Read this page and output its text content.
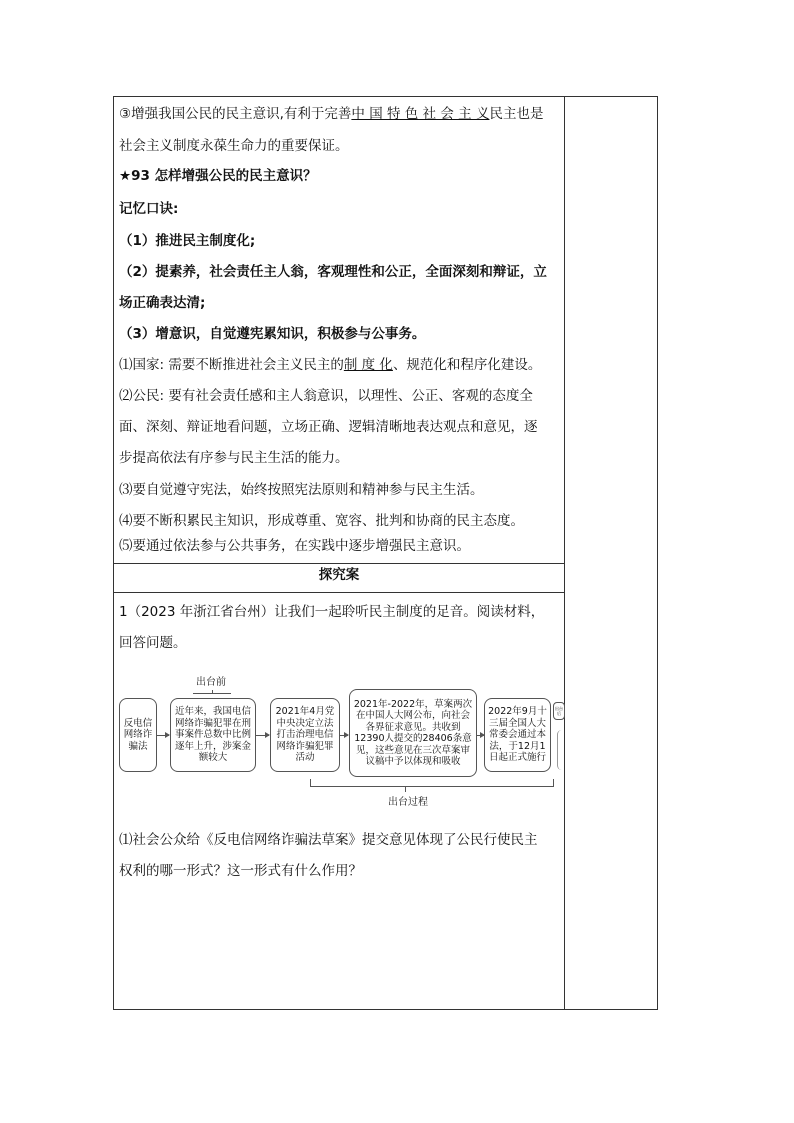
③增强我国公民的民主意识,有利于完善中 国 特 色 社 会 主 义民主也是
社会主义制度永葆生命力的重要保证。
★93 怎样增强公民的民主意识？
记忆口诀:
（1）推进民主制度化;
（2）提素养，社会责任主人翁，客观理性和公正，全面深刻和辩证，立
场正确表达清;
（3）增意识，自觉遵宪累知识，积极参与公事务。
⑴国家: 需要不断推进社会主义民主的制 度 化、规范化和程序化建设。
⑵公民: 要有社会责任感和主人翁意识，以理性、公正、客观的态度全
面、深刻、辩证地看问题，立场正确、逻辑清晰地表达观点和意见，逐
步提高依法有序参与民主生活的能力。
⑶要自觉遵守宪法，始终按照宪法原则和精神参与民主生活。
⑷要不断积累民主知识，形成尊重、宽容、批判和协商的民主态度。
⑸要通过依法参与公共事务，在实践中逐步增强民主意识。
探究案
1（2023 年浙江省台州）让我们一起聆听民主制度的足音。阅读材料，
回答问题。
出台前
反电信网络诈骗法
近年来，我国电信网络诈骗犯罪在刑事案件总数中比例逐年上升，涉案金额较大
2021年4月党中央决定立法打击治理电信网络诈骗犯罪活动
2021年-2022年，草案两次在中国人大网公布，向社会各界征求意见。共收到12390人提交的28406条意见，这些意见在三次草案审议稿中予以体现和吸收
2022年9月十三届全国人大常委会通过本法，于12月1日起正式施行
出台后
出台过程
⑴社会公众给《反电信网络诈骗法草案》提交意见体现了公民行使民主
权利的哪一形式？这一形式有什么作用？
